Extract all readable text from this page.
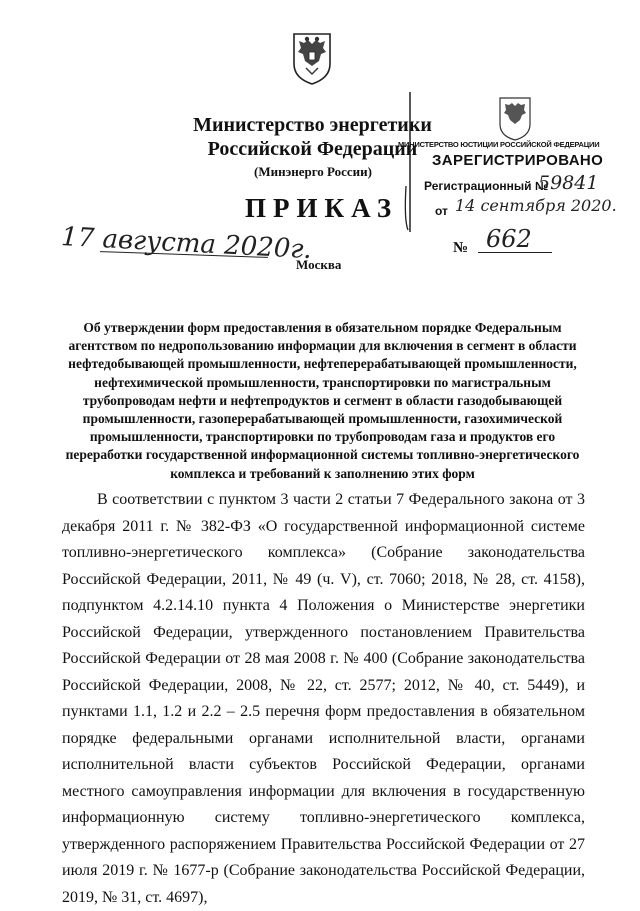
Министерство энергетики
Российской Федерации
(Минэнерго России)
ПРИКАЗ
17 августа 2020г.
Москва
№ 662
МИНИСТЕРСТВО ЮСТИЦИИ РОССИЙСКОЙ ФЕДЕРАЦИИ
ЗАРЕГИСТРИРОВАНО
Регистрационный №
59841
от 14 сентября 2020.
Об утверждении форм предоставления в обязательном порядке Федеральным агентством по недропользованию информации для включения в сегмент в области нефтедобывающей промышленности, нефтеперерабатывающей промышленности, нефтехимической промышленности, транспортировки по магистральным трубопроводам нефти и нефтепродуктов и сегмент в области газодобывающей промышленности, газоперерабатывающей промышленности, газохимической промышленности, транспортировки по трубопроводам газа и продуктов его переработки государственной информационной системы топливно-энергетического комплекса и требований к заполнению этих форм
В соответствии с пунктом 3 части 2 статьи 7 Федерального закона от 3 декабря 2011 г. № 382-ФЗ «О государственной информационной системе топливно-энергетического комплекса» (Собрание законодательства Российской Федерации, 2011, № 49 (ч. V), ст. 7060; 2018, № 28, ст. 4158), подпунктом 4.2.14.10 пункта 4 Положения о Министерстве энергетики Российской Федерации, утвержденного постановлением Правительства Российской Федерации от 28 мая 2008 г. № 400 (Собрание законодательства Российской Федерации, 2008, № 22, ст. 2577; 2012, № 40, ст. 5449), и пунктами 1.1, 1.2 и 2.2 – 2.5 перечня форм предоставления в обязательном порядке федеральными органами исполнительной власти, органами исполнительной власти субъектов Российской Федерации, органами местного самоуправления информации для включения в государственную информационную систему топливно-энергетического комплекса, утвержденного распоряжением Правительства Российской Федерации от 27 июля 2019 г. № 1677-р (Собрание законодательства Российской Федерации, 2019, № 31, ст. 4697),
